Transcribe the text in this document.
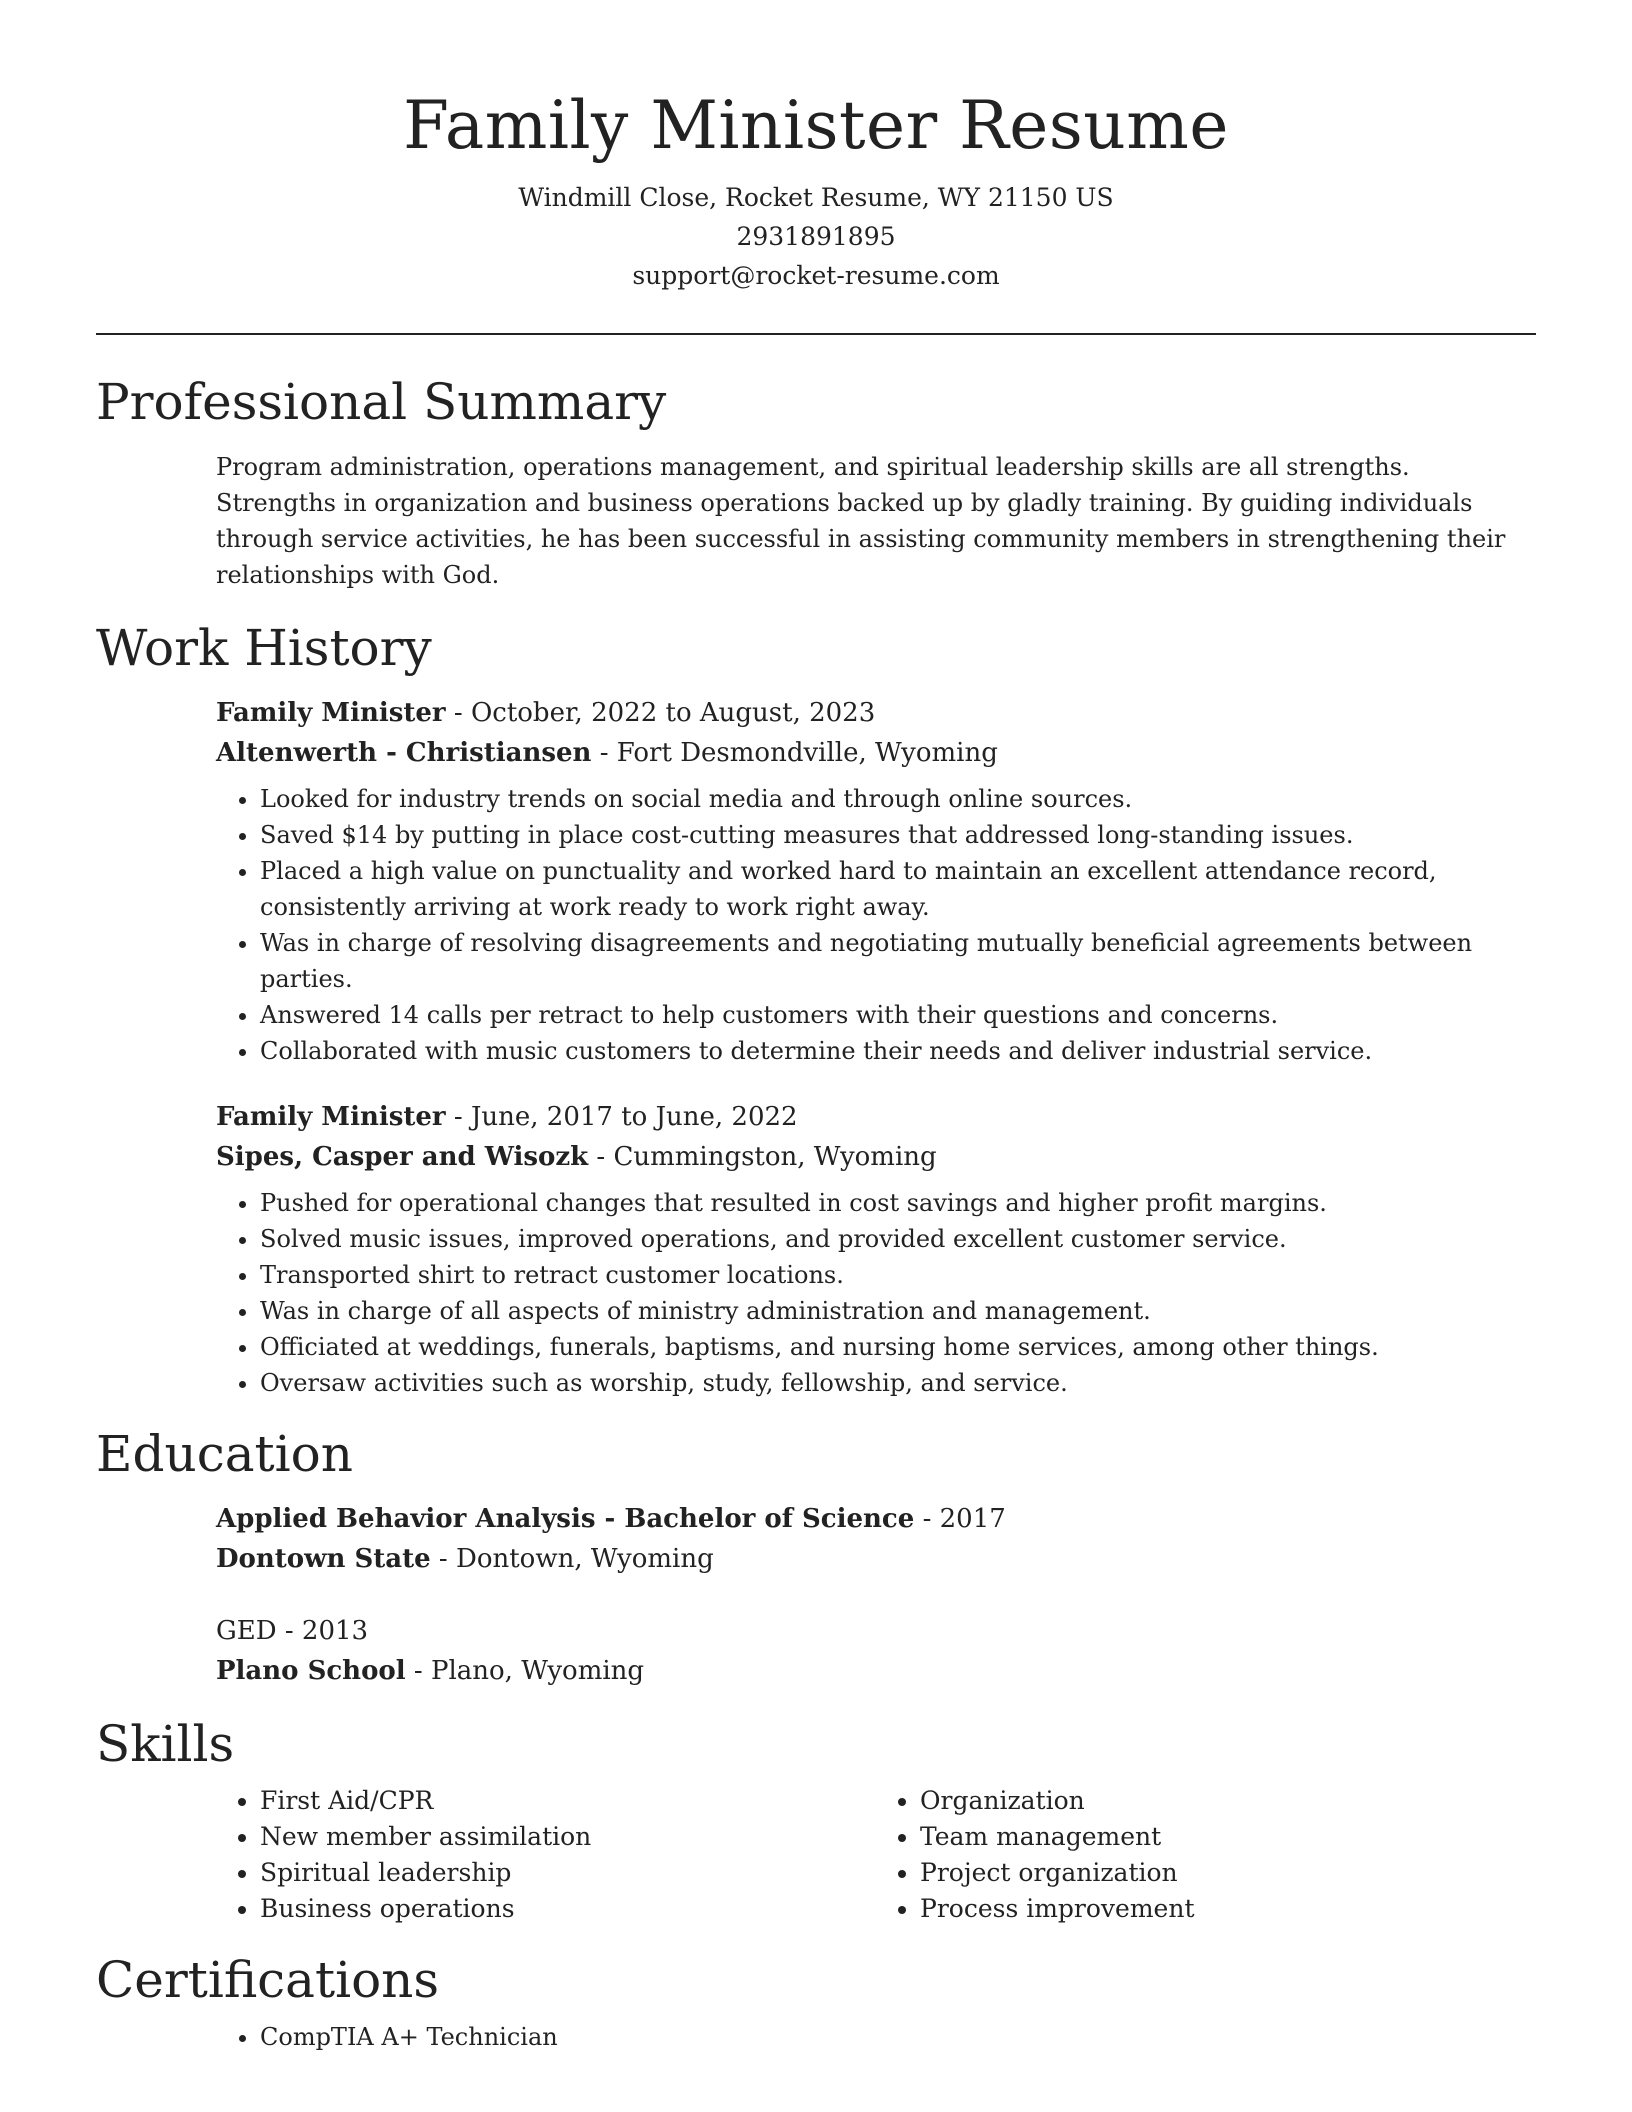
Family Minister Resume
Windmill Close, Rocket Resume, WY 21150 US
2931891895
support@rocket-resume.com
Professional Summary
Program administration, operations management, and spiritual leadership skills are all strengths. Strengths in organization and business operations backed up by gladly training. By guiding individuals through service activities, he has been successful in assisting community members in strengthening their relationships with God.
Work History
Family Minister - October, 2022 to August, 2023
Altenwerth - Christiansen - Fort Desmondville, Wyoming
• Looked for industry trends on social media and through online sources.
• Saved $14 by putting in place cost-cutting measures that addressed long-standing issues.
• Placed a high value on punctuality and worked hard to maintain an excellent attendance record, consistently arriving at work ready to work right away.
• Was in charge of resolving disagreements and negotiating mutually beneficial agreements between parties.
• Answered 14 calls per retract to help customers with their questions and concerns.
• Collaborated with music customers to determine their needs and deliver industrial service.
Family Minister - June, 2017 to June, 2022
Sipes, Casper and Wisozk - Cummingston, Wyoming
• Pushed for operational changes that resulted in cost savings and higher profit margins.
• Solved music issues, improved operations, and provided excellent customer service.
• Transported shirt to retract customer locations.
• Was in charge of all aspects of ministry administration and management.
• Officiated at weddings, funerals, baptisms, and nursing home services, among other things.
• Oversaw activities such as worship, study, fellowship, and service.
Education
Applied Behavior Analysis - Bachelor of Science - 2017
Dontown State - Dontown, Wyoming
GED - 2013
Plano School - Plano, Wyoming
Skills
• First Aid/CPR
• New member assimilation
• Spiritual leadership
• Business operations
• Organization
• Team management
• Project organization
• Process improvement
Certifications
• CompTIA A+ Technician
